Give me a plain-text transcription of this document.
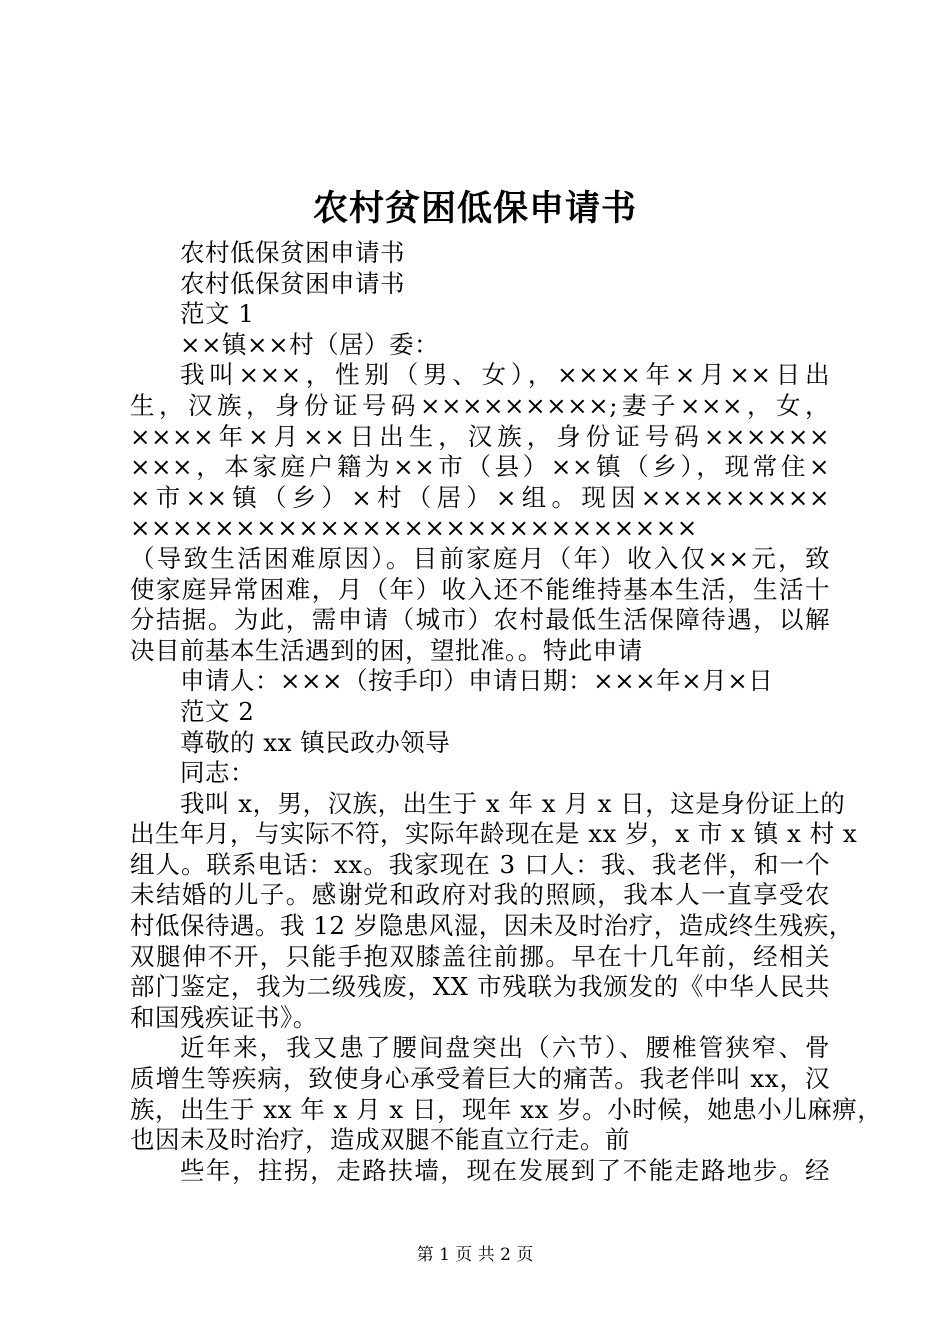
农村贫困低保申请书
农村低保贫困申请书
农村低保贫困申请书
范文 1
××镇××村（居）委：
我叫×××，性别（男、女），××××年×月××日出
生，汉族，身份证号码×××××××××;妻子×××，女，
××××年×月××日出生，汉族，身份证号码××××××
×××，本家庭户籍为××市（县）××镇（乡），现常住×
×市××镇（乡）×村（居）×组。现因×××××××××
×××××××××××××××××××××××××××
（导致生活困难原因）。目前家庭月（年）收入仅××元，致
使家庭异常困难，月（年）收入还不能维持基本生活，生活十
分拮据。为此，需申请（城市）农村最低生活保障待遇，以解
决目前基本生活遇到的困，望批准。。特此申请
申请人：×××（按手印）申请日期：×××年×月×日
范文 2
尊敬的 xx 镇民政办领导
同志：
我叫 x，男，汉族，出生于 x 年 x 月 x 日，这是身份证上的
出生年月，与实际不符，实际年龄现在是 xx 岁，x 市 x 镇 x 村 x
组人。联系电话：xx。我家现在 3 口人：我、我老伴，和一个
未结婚的儿子。感谢党和政府对我的照顾，我本人一直享受农
村低保待遇。我 12 岁隐患风湿，因未及时治疗，造成终生残疾，
双腿伸不开，只能手抱双膝盖往前挪。早在十几年前，经相关
部门鉴定，我为二级残废，XX 市残联为我颁发的《中华人民共
和国残疾证书》。
近年来，我又患了腰间盘突出（六节）、腰椎管狭窄、骨
质增生等疾病，致使身心承受着巨大的痛苦。我老伴叫 xx，汉
族，出生于 xx 年 x 月 x 日，现年 xx 岁。小时候，她患小儿麻痹，
也因未及时治疗，造成双腿不能直立行走。前
些年，拄拐，走路扶墙，现在发展到了不能走路地步。经
第 1 页 共 2 页
